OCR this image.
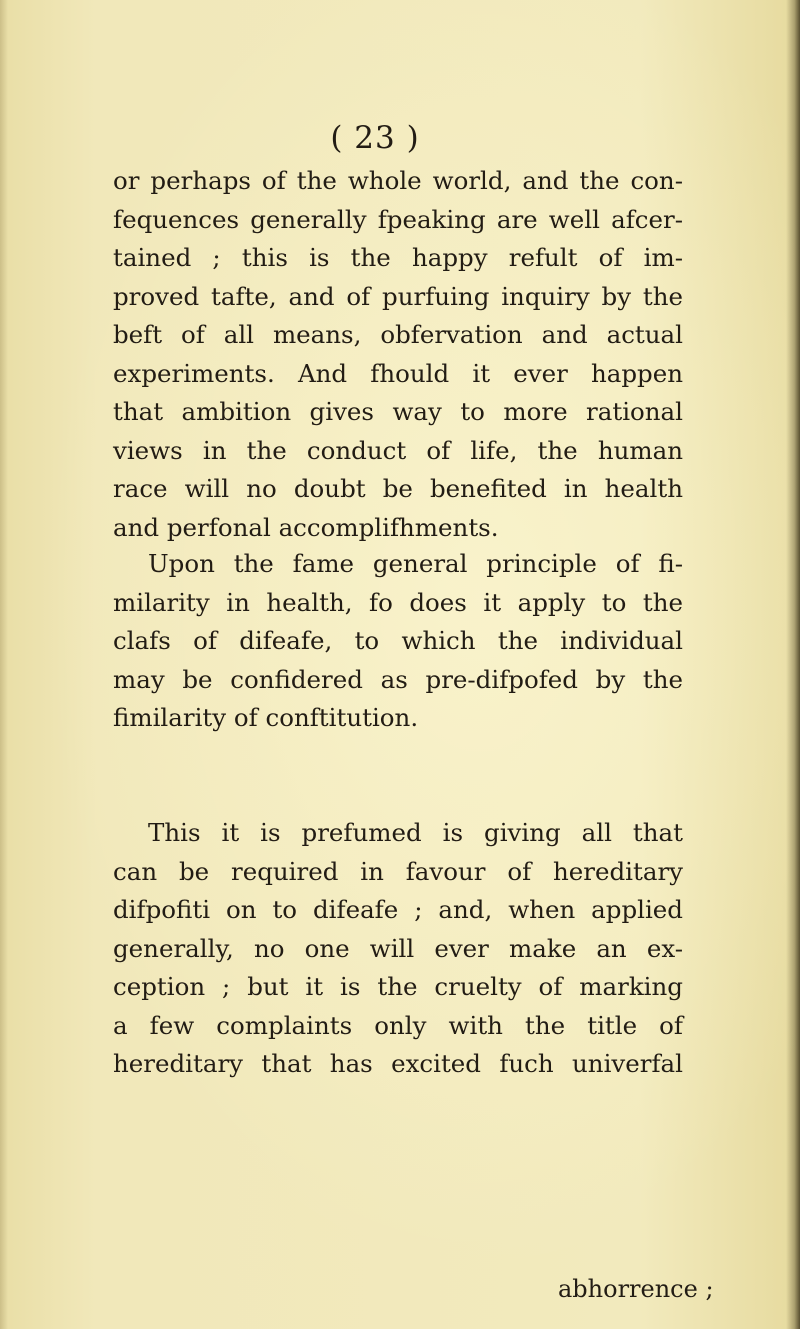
( 23 )
or perhaps of the whole world, and the con-
fequences generally fpeaking are well afcer-
tained ; this is the happy refult of im-
proved tafte, and of purfuing inquiry by the
beft of all means, obfervation and actual
experiments. And fhould it ever happen
that ambition gives way to more rational
views in the conduct of life, the human
race will no doubt be benefited in health
and perfonal accomplifhments.
Upon the fame general principle of fi-
milarity in health, fo does it apply to the
clafs of difeafe, to which the individual
may be confidered as pre-difpofed by the
fimilarity of conftitution.
This it is prefumed is giving all that
can be required in favour of hereditary
difpofiti on to difeafe ; and, when applied
generally, no one will ever make an ex-
ception ; but it is the cruelty of marking
a few complaints only with the title of
hereditary that has excited fuch univerfal
abhorrence ;
